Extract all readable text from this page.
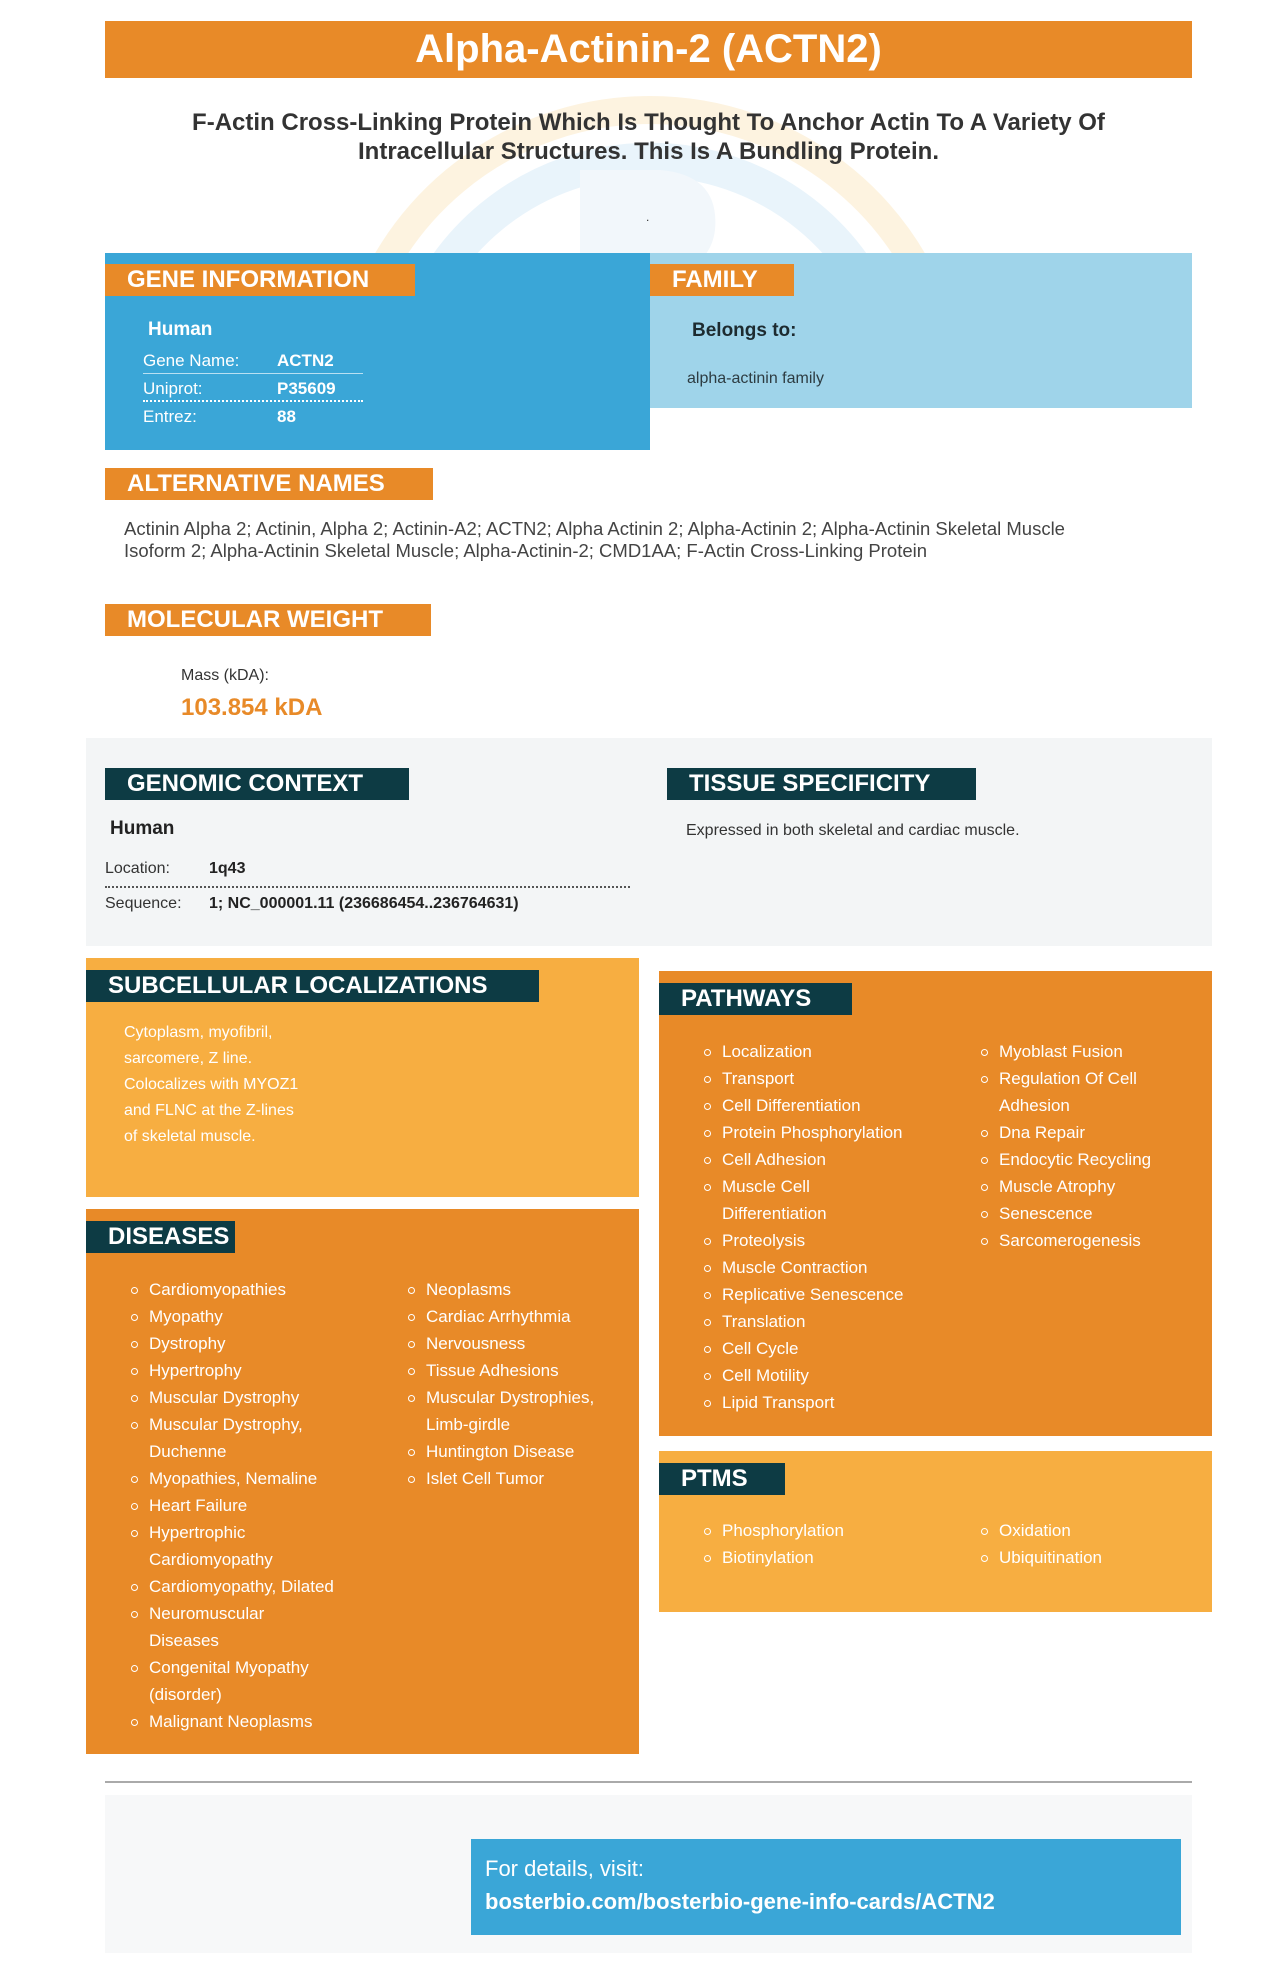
Alpha-Actinin-2 (ACTN2)
F-Actin Cross-Linking Protein Which Is Thought To Anchor Actin To A Variety Of
Intracellular Structures. This Is A Bundling Protein.
.
GENE INFORMATION
Human
Gene Name: ACTN2
Uniprot:	P35609
Entrez:	88
FAMILY
Belongs to:
alpha-actinin family
ALTERNATIVE NAMES
Actinin Alpha 2; Actinin, Alpha 2; Actinin-A2; ACTN2; Alpha Actinin 2; Alpha-Actinin 2; Alpha-Actinin Skeletal Muscle
Isoform 2; Alpha-Actinin Skeletal Muscle; Alpha-Actinin-2; CMD1AA; F-Actin Cross-Linking Protein
MOLECULAR WEIGHT
Mass (kDA):
103.854 kDA
GENOMIC CONTEXT
Human
Location: 1q43
Sequence: 1; NC_000001.11 (236686454..236764631)
TISSUE SPECIFICITY
Expressed in both skeletal and cardiac muscle.
SUBCELLULAR LOCALIZATIONS
Cytoplasm, myofibril,
sarcomere, Z line.
Colocalizes with MYOZ1
and FLNC at the Z-lines
of skeletal muscle.
DISEASES
Cardiomyopathies
Myopathy
Dystrophy
Hypertrophy
Muscular Dystrophy
Muscular Dystrophy, Duchenne
Myopathies, Nemaline
Heart Failure
Hypertrophic Cardiomyopathy
Cardiomyopathy, Dilated
Neuromuscular Diseases
Congenital Myopathy (disorder)
Malignant Neoplasms
Neoplasms
Cardiac Arrhythmia
Nervousness
Tissue Adhesions
Muscular Dystrophies, Limb-girdle
Huntington Disease
Islet Cell Tumor
PATHWAYS
Localization
Transport
Cell Differentiation
Protein Phosphorylation
Cell Adhesion
Muscle Cell Differentiation
Proteolysis
Muscle Contraction
Replicative Senescence
Translation
Cell Cycle
Cell Motility
Lipid Transport
Myoblast Fusion
Regulation Of Cell Adhesion
Dna Repair
Endocytic Recycling
Muscle Atrophy
Senescence
Sarcomerogenesis
PTMS
Phosphorylation
Biotinylation
Oxidation
Ubiquitination
For details, visit:
bosterbio.com/bosterbio-gene-info-cards/ACTN2
